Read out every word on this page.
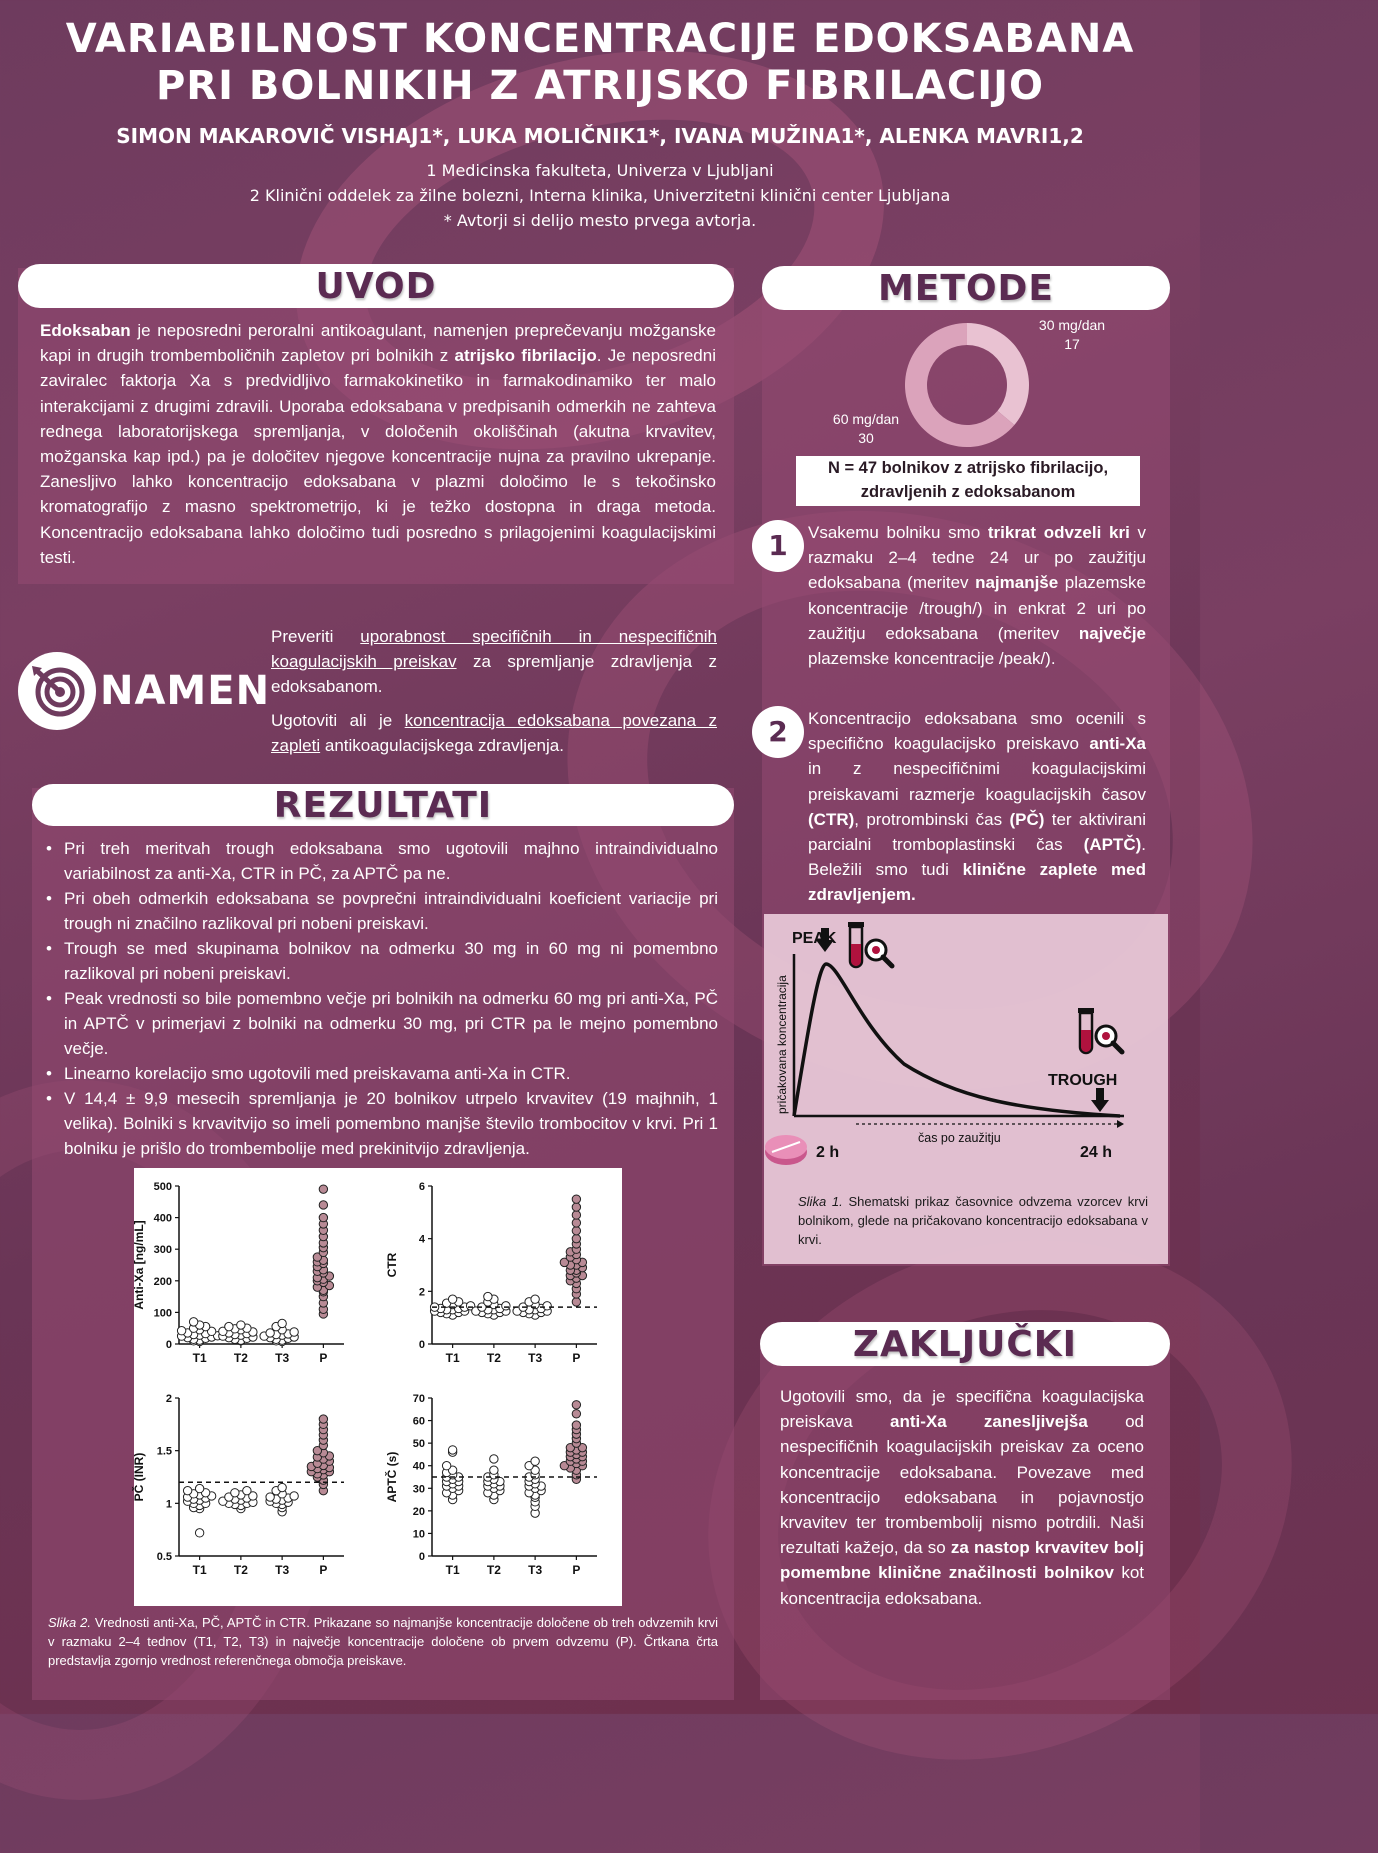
VARIABILNOST KONCENTRACIJE EDOKSABANA
PRI BOLNIKIH Z ATRIJSKO FIBRILACIJO
SIMON MAKAROVIČ VISHAJ1*, LUKA MOLIČNIK1*, IVANA MUŽINA1*, ALENKA MAVRI1,2
1 Medicinska fakulteta, Univerza v Ljubljani
2 Klinični oddelek za žilne bolezni, Interna klinika, Univerzitetni klinični center Ljubljana
* Avtorji si delijo mesto prvega avtorja.
UVOD
Edoksaban je neposredni peroralni antikoagulant, namenjen preprečevanju možganske kapi in drugih trombemboličnih zapletov pri bolnikih z atrijsko fibrilacijo. Je neposredni zaviralec faktorja Xa s predvidljivo farmakokinetiko in farmakodinamiko ter malo interakcijami z drugimi zdravili. Uporaba edoksabana v predpisanih odmerkih ne zahteva rednega laboratorijskega spremljanja, v določenih okoliščinah (akutna krvavitev, možganska kap ipd.) pa je določitev njegove koncentracije nujna za pravilno ukrepanje. Zanesljivo lahko koncentracijo edoksabana v plazmi določimo le s tekočinsko kromatografijo z masno spektrometrijo, ki je težko dostopna in draga metoda. Koncentracijo edoksabana lahko določimo tudi posredno s prilagojenimi koagulacijskimi testi.
NAMEN

Preveriti uporabnost specifičnih in nespecifičnih koagulacijskih preiskav za spremljanje zdravljenja z edoksabanom.

Ugotoviti ali je koncentracija edoksabana povezana z zapleti antikoagulacijskega zdravljenja.

REZULTATI
• Pri treh meritvah trough edoksabana smo ugotovili majhno intraindividualno variabilnost za anti-Xa, CTR in PČ, za APTČ pa ne.
• Pri obeh odmerkih edoksabana se povprečni intraindividualni koeficient variacije pri trough ni značilno razlikoval pri nobeni preiskavi.
• Trough se med skupinama bolnikov na odmerku 30 mg in 60 mg ni pomembno razlikoval pri nobeni preiskavi.
• Peak vrednosti so bile pomembno večje pri bolnikih na odmerku 60 mg pri anti-Xa, PČ in APTČ v primerjavi z bolniki na odmerku 30 mg, pri CTR pa le mejno pomembno večje.
• Linearno korelacijo smo ugotovili med preiskavama anti-Xa in CTR.
• V 14,4 ± 9,9 mesecih spremljanja je 20 bolnikov utrpelo krvavitev (19 majhnih, 1 velika). Bolniki s krvavitvijo so imeli pomembno manjše število trombocitov v krvi. Pri 1 bolniku je prišlo do trombembolije med prekinitvijo zdravljenja.
0
100
200
300
400
500
Anti-Xa [ng/mL]
T1 T2 T3	P
0
2
4
6
CTR
T1 T2 T3	P
0.5
1
1.5
2
PČ (INR)
T1 T2 T3	P
0
10
20
30
40
50
60
70
APTČ (s)
T1 T2 T3	P
Slika 2. Vrednosti anti-Xa, PČ, APTČ in CTR. Prikazane so najmanjše koncentracije določene ob treh odvzemih krvi v razmaku 2–4 tednov (T1, T2, T3) in največje koncentracije določene ob prvem odvzemu (P). Črtkana črta predstavlja zgornjo vrednost referenčnega območja preiskave.
METODE
30 mg/dan
17
60 mg/dan
30
N = 47 bolnikov z atrijsko fibrilacijo,
zdravljenih z edoksabanom
1	Vsakemu bolniku smo trikrat odvzeli kri v razmaku 2–4 tedne 24 ur po zaužitju edoksabana (meritev najmanjše plazemske koncentracije /trough/) in enkrat 2 uri po zaužitju edoksabana (meritev največje plazemske koncentracije /peak/).
2	Koncentracijo edoksabana smo ocenili s specifično koagulacijsko preiskavo anti-Xa in z nespecifičnimi koagulacijskimi preiskavami razmerje koagulacijskih časov (CTR), protrombinski čas (PČ) ter aktivirani parcialni tromboplastinski čas (APTČ). Beležili smo tudi klinične zaplete med zdravljenjem.
PEAK
TROUGH
pričakovana koncentracija
čas po zaužitju
2 h	24 h
Slika 1. Shematski prikaz časovnice odvzema vzorcev krvi bolnikom, glede na pričakovano koncentracijo edoksabana v krvi.
ZAKLJUČKI
Ugotovili smo, da je specifična koagulacijska preiskava anti-Xa zanesljivejša od nespecifičnih koagulacijskih preiskav za oceno koncentracije edoksabana. Povezave med koncentracijo edoksabana in pojavnostjo krvavitev ter trombembolij nismo potrdili. Naši rezultati kažejo, da so za nastop krvavitev bolj pomembne klinične značilnosti bolnikov kot koncentracija edoksabana.
